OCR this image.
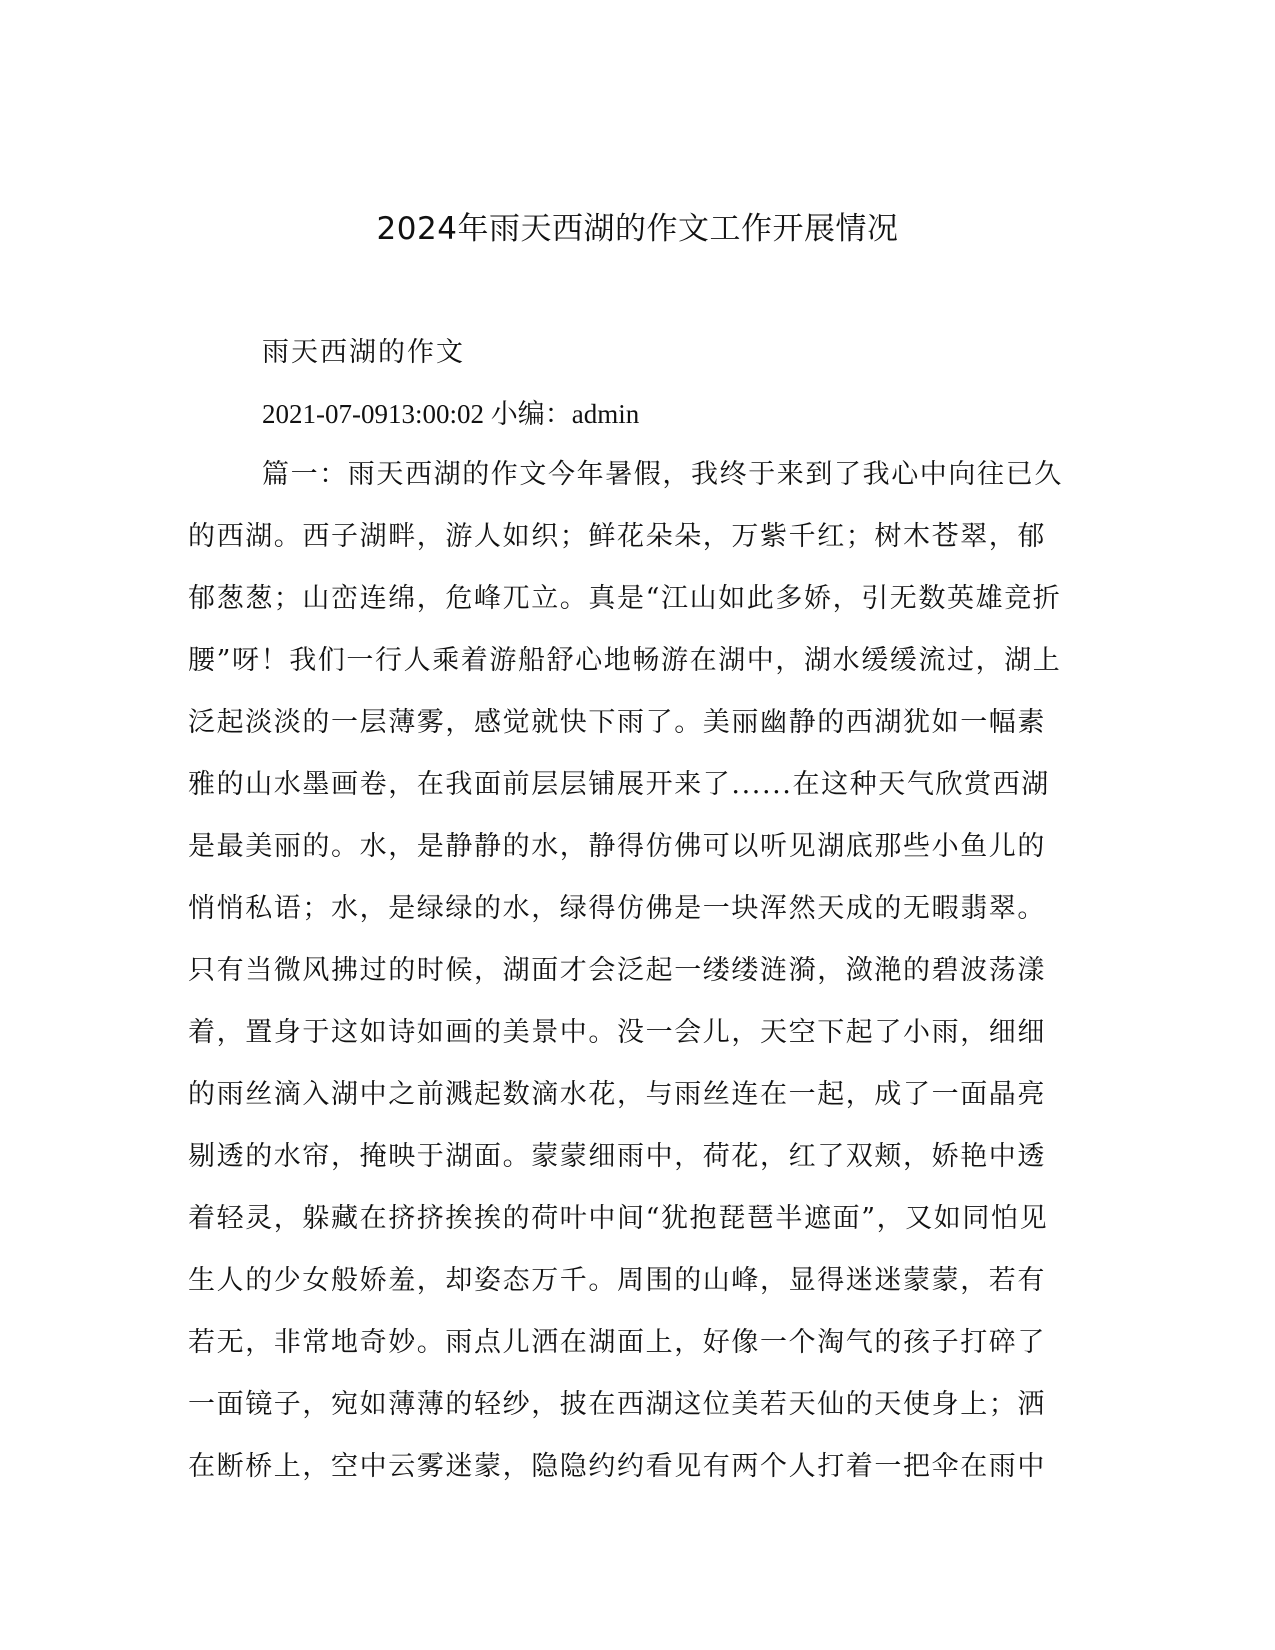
2024年雨天西湖的作文工作开展情况
雨天西湖的作文
2021-07-0913:00:02 小编：admin
篇一：雨天西湖的作文今年暑假，我终于来到了我心中向往已久
的西湖。西子湖畔，游人如织；鲜花朵朵，万紫千红；树木苍翠，郁
郁葱葱；山峦连绵，危峰兀立。真是“江山如此多娇，引无数英雄竞折
腰”呀！我们一行人乘着游船舒心地畅游在湖中，湖水缓缓流过，湖上
泛起淡淡的一层薄雾，感觉就快下雨了。美丽幽静的西湖犹如一幅素
雅的山水墨画卷，在我面前层层铺展开来了......在这种天气欣赏西湖
是最美丽的。水，是静静的水，静得仿佛可以听见湖底那些小鱼儿的
悄悄私语；水，是绿绿的水，绿得仿佛是一块浑然天成的无暇翡翠。
只有当微风拂过的时候，湖面才会泛起一缕缕涟漪，潋滟的碧波荡漾
着，置身于这如诗如画的美景中。没一会儿，天空下起了小雨，细细
的雨丝滴入湖中之前溅起数滴水花，与雨丝连在一起，成了一面晶亮
剔透的水帘，掩映于湖面。蒙蒙细雨中，荷花，红了双颊，娇艳中透
着轻灵，躲藏在挤挤挨挨的荷叶中间“犹抱琵琶半遮面”，又如同怕见
生人的少女般娇羞，却姿态万千。周围的山峰，显得迷迷蒙蒙，若有
若无，非常地奇妙。雨点儿洒在湖面上，好像一个淘气的孩子打碎了
一面镜子，宛如薄薄的轻纱，披在西湖这位美若天仙的天使身上；洒
在断桥上，空中云雾迷蒙，隐隐约约看见有两个人打着一把伞在雨中
